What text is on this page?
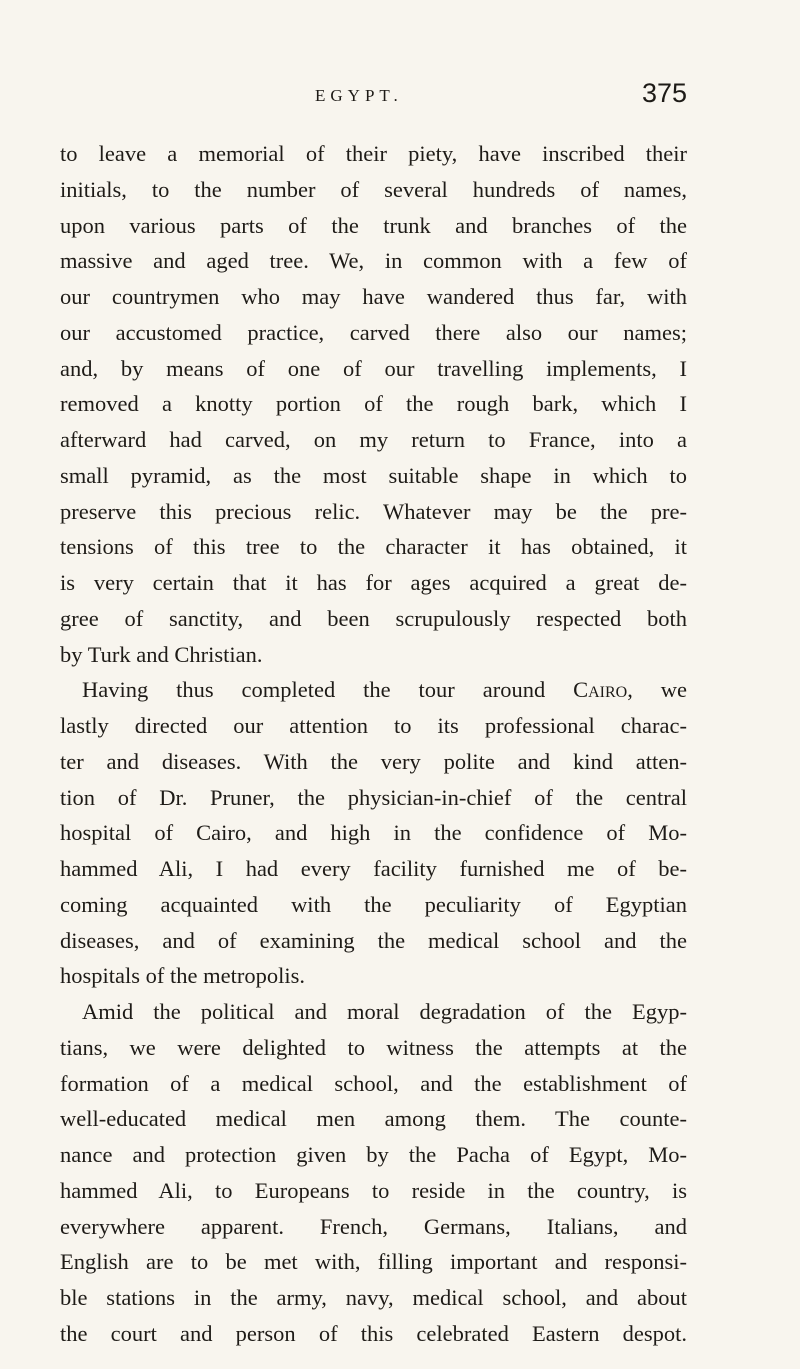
EGYPT.	375
to leave a memorial of their piety, have inscribed their
initials, to the number of several hundreds of names,
upon various parts of the trunk and branches of the
massive and aged tree. We, in common with a few of
our countrymen who may have wandered thus far, with
our accustomed practice, carved there also our names;
and, by means of one of our travelling implements, I
removed a knotty portion of the rough bark, which I
afterward had carved, on my return to France, into a
small pyramid, as the most suitable shape in which to
preserve this precious relic. Whatever may be the pre-
tensions of this tree to the character it has obtained, it
is very certain that it has for ages acquired a great de-
gree of sanctity, and been scrupulously respected both
by Turk and Christian.
Having thus completed the tour around Cairo, we
lastly directed our attention to its professional charac-
ter and diseases. With the very polite and kind atten-
tion of Dr. Pruner, the physician-in-chief of the central
hospital of Cairo, and high in the confidence of Mo-
hammed Ali, I had every facility furnished me of be-
coming acquainted with the peculiarity of Egyptian
diseases, and of examining the medical school and the
hospitals of the metropolis.
Amid the political and moral degradation of the Egyp-
tians, we were delighted to witness the attempts at the
formation of a medical school, and the establishment of
well-educated medical men among them. The counte-
nance and protection given by the Pacha of Egypt, Mo-
hammed Ali, to Europeans to reside in the country, is
everywhere apparent. French, Germans, Italians, and
English are to be met with, filling important and responsi-
ble stations in the army, navy, medical school, and about
the court and person of this celebrated Eastern despot.
